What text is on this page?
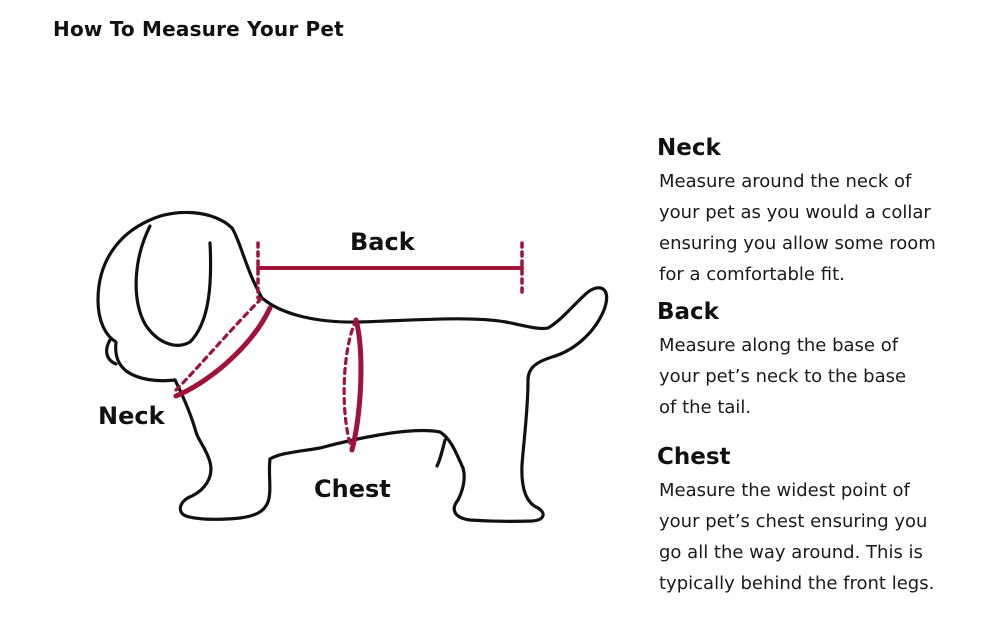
How To Measure Your Pet
Back
Neck
Chest
Neck
Measure around the neck of
your pet as you would a collar
ensuring you allow some room
for a comfortable fit.
Back
Measure along the base of
your pet’s neck to the base
of the tail.
Chest
Measure the widest point of
your pet’s chest ensuring you
go all the way around. This is
typically behind the front legs.
